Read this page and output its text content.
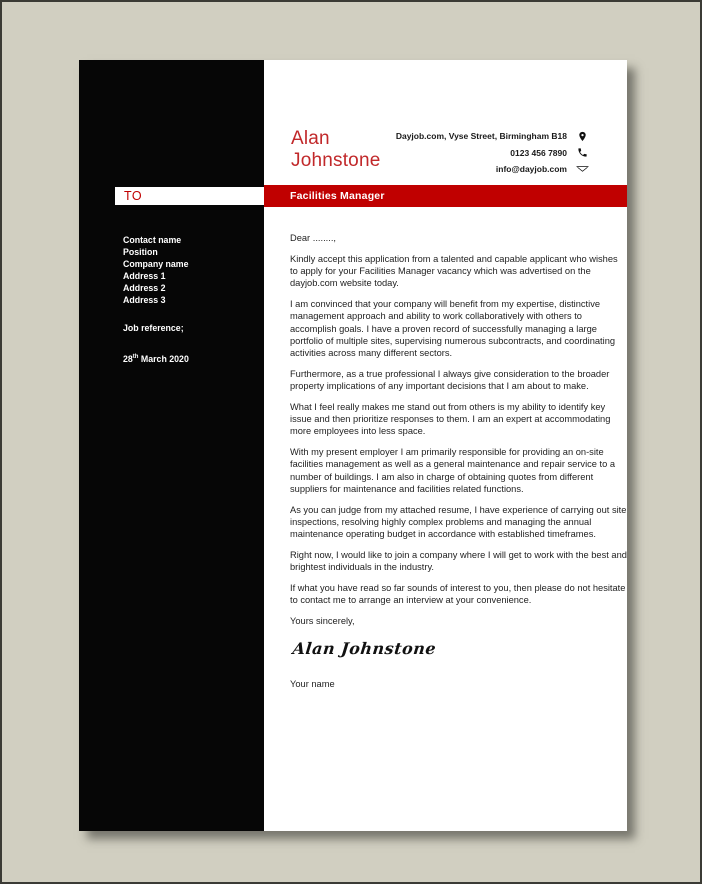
TO
Contact name
Position
Company name
Address 1
Address 2
Address 3
Job reference;
28th March 2020
Alan
Johnstone
Dayjob.com, Vyse Street, Birmingham B18
0123 456 7890
info@dayjob.com
Facilities Manager

Dear ........,

Kindly accept this application from a talented and capable applicant who wishes to apply for your Facilities Manager vacancy which was advertised on the dayjob.com website today.

I am convinced that your company will benefit from my expertise, distinctive management approach and ability to work collaboratively with others to accomplish goals. I have a proven record of successfully managing a large portfolio of multiple sites, supervising numerous subcontracts, and coordinating activities across many different sectors.

Furthermore, as a true professional I always give consideration to the broader property implications of any important decisions that I am about to make.

What I feel really makes me stand out from others is my ability to identify key issue and then prioritize responses to them. I am an expert at accommodating more employees into less space.

With my present employer I am primarily responsible for providing an on-site facilities management as well as a general maintenance and repair service to a number of buildings. I am also in charge of obtaining quotes from different suppliers for maintenance and facilities related functions.

As you can judge from my attached resume, I have experience of carrying out site inspections, resolving highly complex problems and managing the annual maintenance operating budget in accordance with established timeframes.

Right now, I would like to join a company where I will get to work with the best and brightest individuals in the industry.

If what you have read so far sounds of interest to you, then please do not hesitate to contact me to arrange an interview at your convenience.

Yours sincerely,

Alan Johnstone

Your name
